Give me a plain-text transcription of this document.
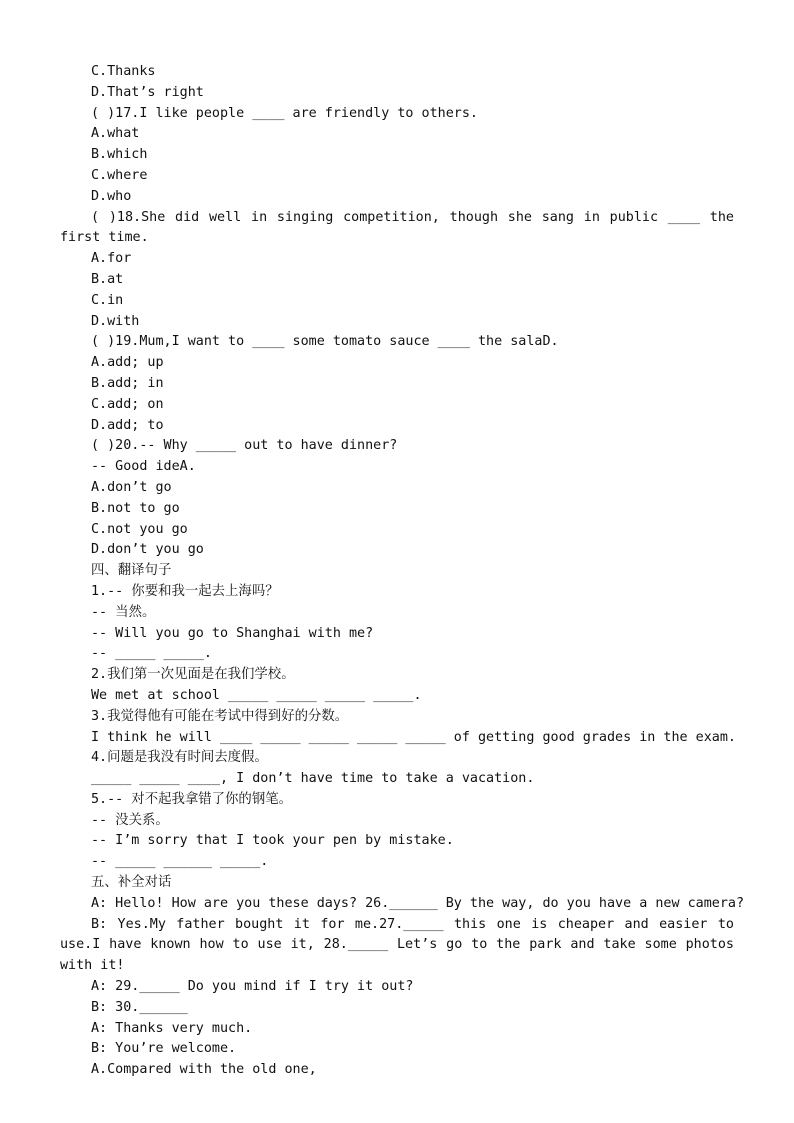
C.Thanks

D.That’s right

( )17.I like people ____ are friendly to others.

A.what

B.which

C.where

D.who

( )18.She did well in singing competition, though she sang in public ____ the first time.

A.for

B.at

C.in

D.with

( )19.Mum,I want to ____ some tomato sauce ____ the salaD.

A.add; up

B.add; in

C.add; on

D.add; to

( )20.-- Why _____ out to have dinner?

-- Good ideA.

A.don’t go

B.not to go

C.not you go

D.don’t you go

四、翻译句子

1.-- 你要和我一起去上海吗？

-- 当然。

-- Will you go to Shanghai with me?

-- _____ _____.

2.我们第一次见面是在我们学校。

We met at school _____ _____ _____ _____.

3.我觉得他有可能在考试中得到好的分数。

I think he will ____ _____ _____ _____ _____ of getting good grades in the exam.

4.问题是我没有时间去度假。

_____ _____ ____, I don’t have time to take a vacation.

5.-- 对不起我拿错了你的钢笔。

-- 没关系。

-- I’m sorry that I took your pen by mistake.

-- _____ ______ _____.

五、补全对话

A: Hello! How are you these days? 26.______ By the way, do you have a new camera?

B: Yes.My father bought it for me.27._____ this one is cheaper and easier to use.I have known how to use it, 28._____ Let’s go to the park and take some photos with it!

A: 29._____ Do you mind if I try it out?

B: 30.______

A: Thanks very much.

B: You’re welcome.

A.Compared with the old one,
